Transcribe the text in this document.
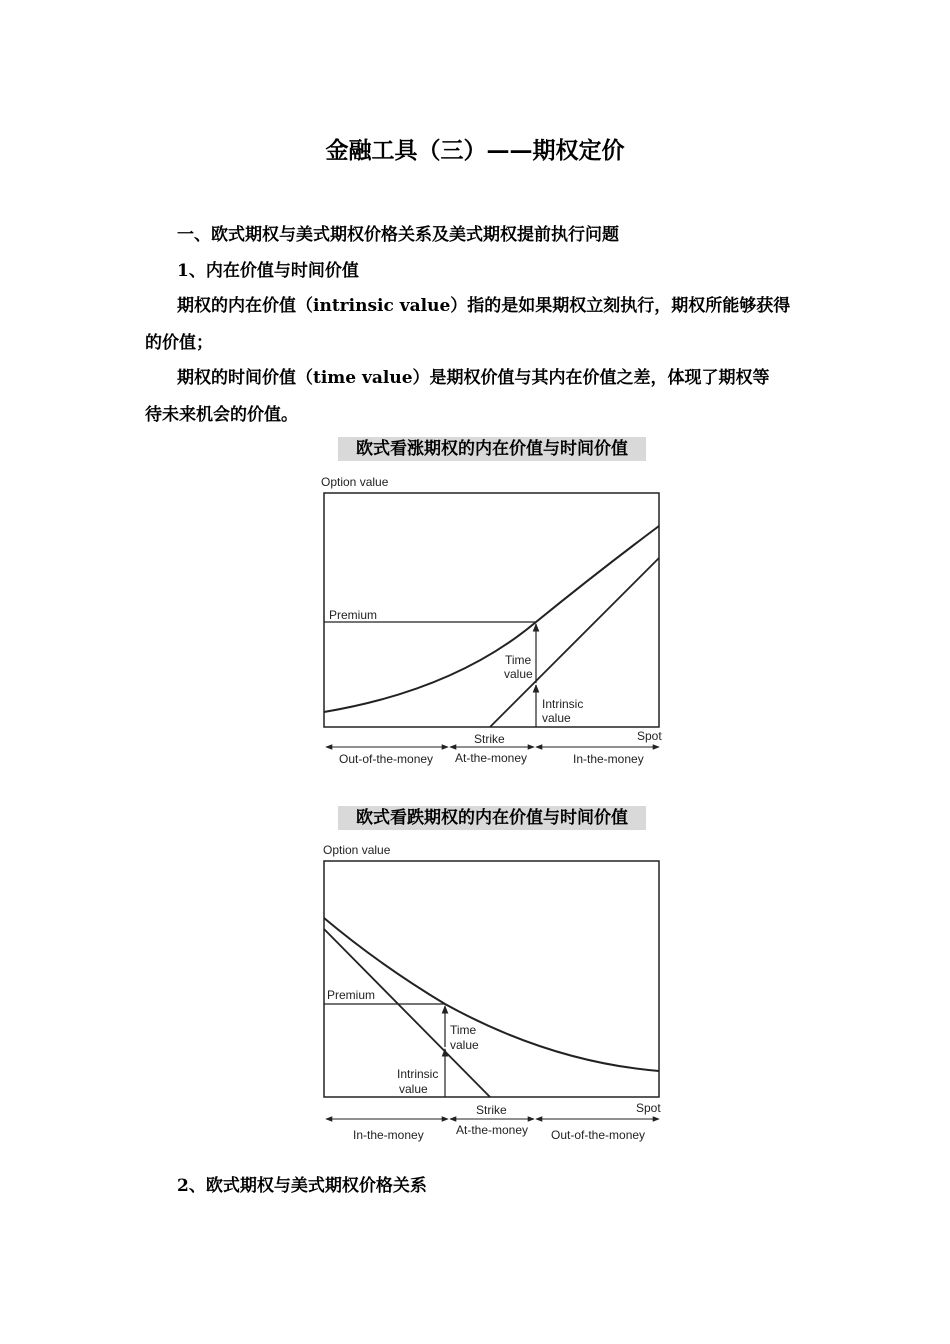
金融工具（三）——期权定价
一、欧式期权与美式期权价格关系及美式期权提前执行问题
1、内在价值与时间价值
期权的内在价值（intrinsic value）指的是如果期权立刻执行，期权所能够获得
的价值；
期权的时间价值（time value）是期权价值与其内在价值之差，体现了期权等
待未来机会的价值。
欧式看涨期权的内在价值与时间价值
Option value
Premium
Time
value
Intrinsic
value
Strike	Spot
Out-of-the-money At-the-money	In-the-money
欧式看跌期权的内在价值与时间价值
Option value
Premium
Time
value
Intrinsic
value
Strike	Spot
In-the-money	At-the-money Out-of-the-money
2、欧式期权与美式期权价格关系
